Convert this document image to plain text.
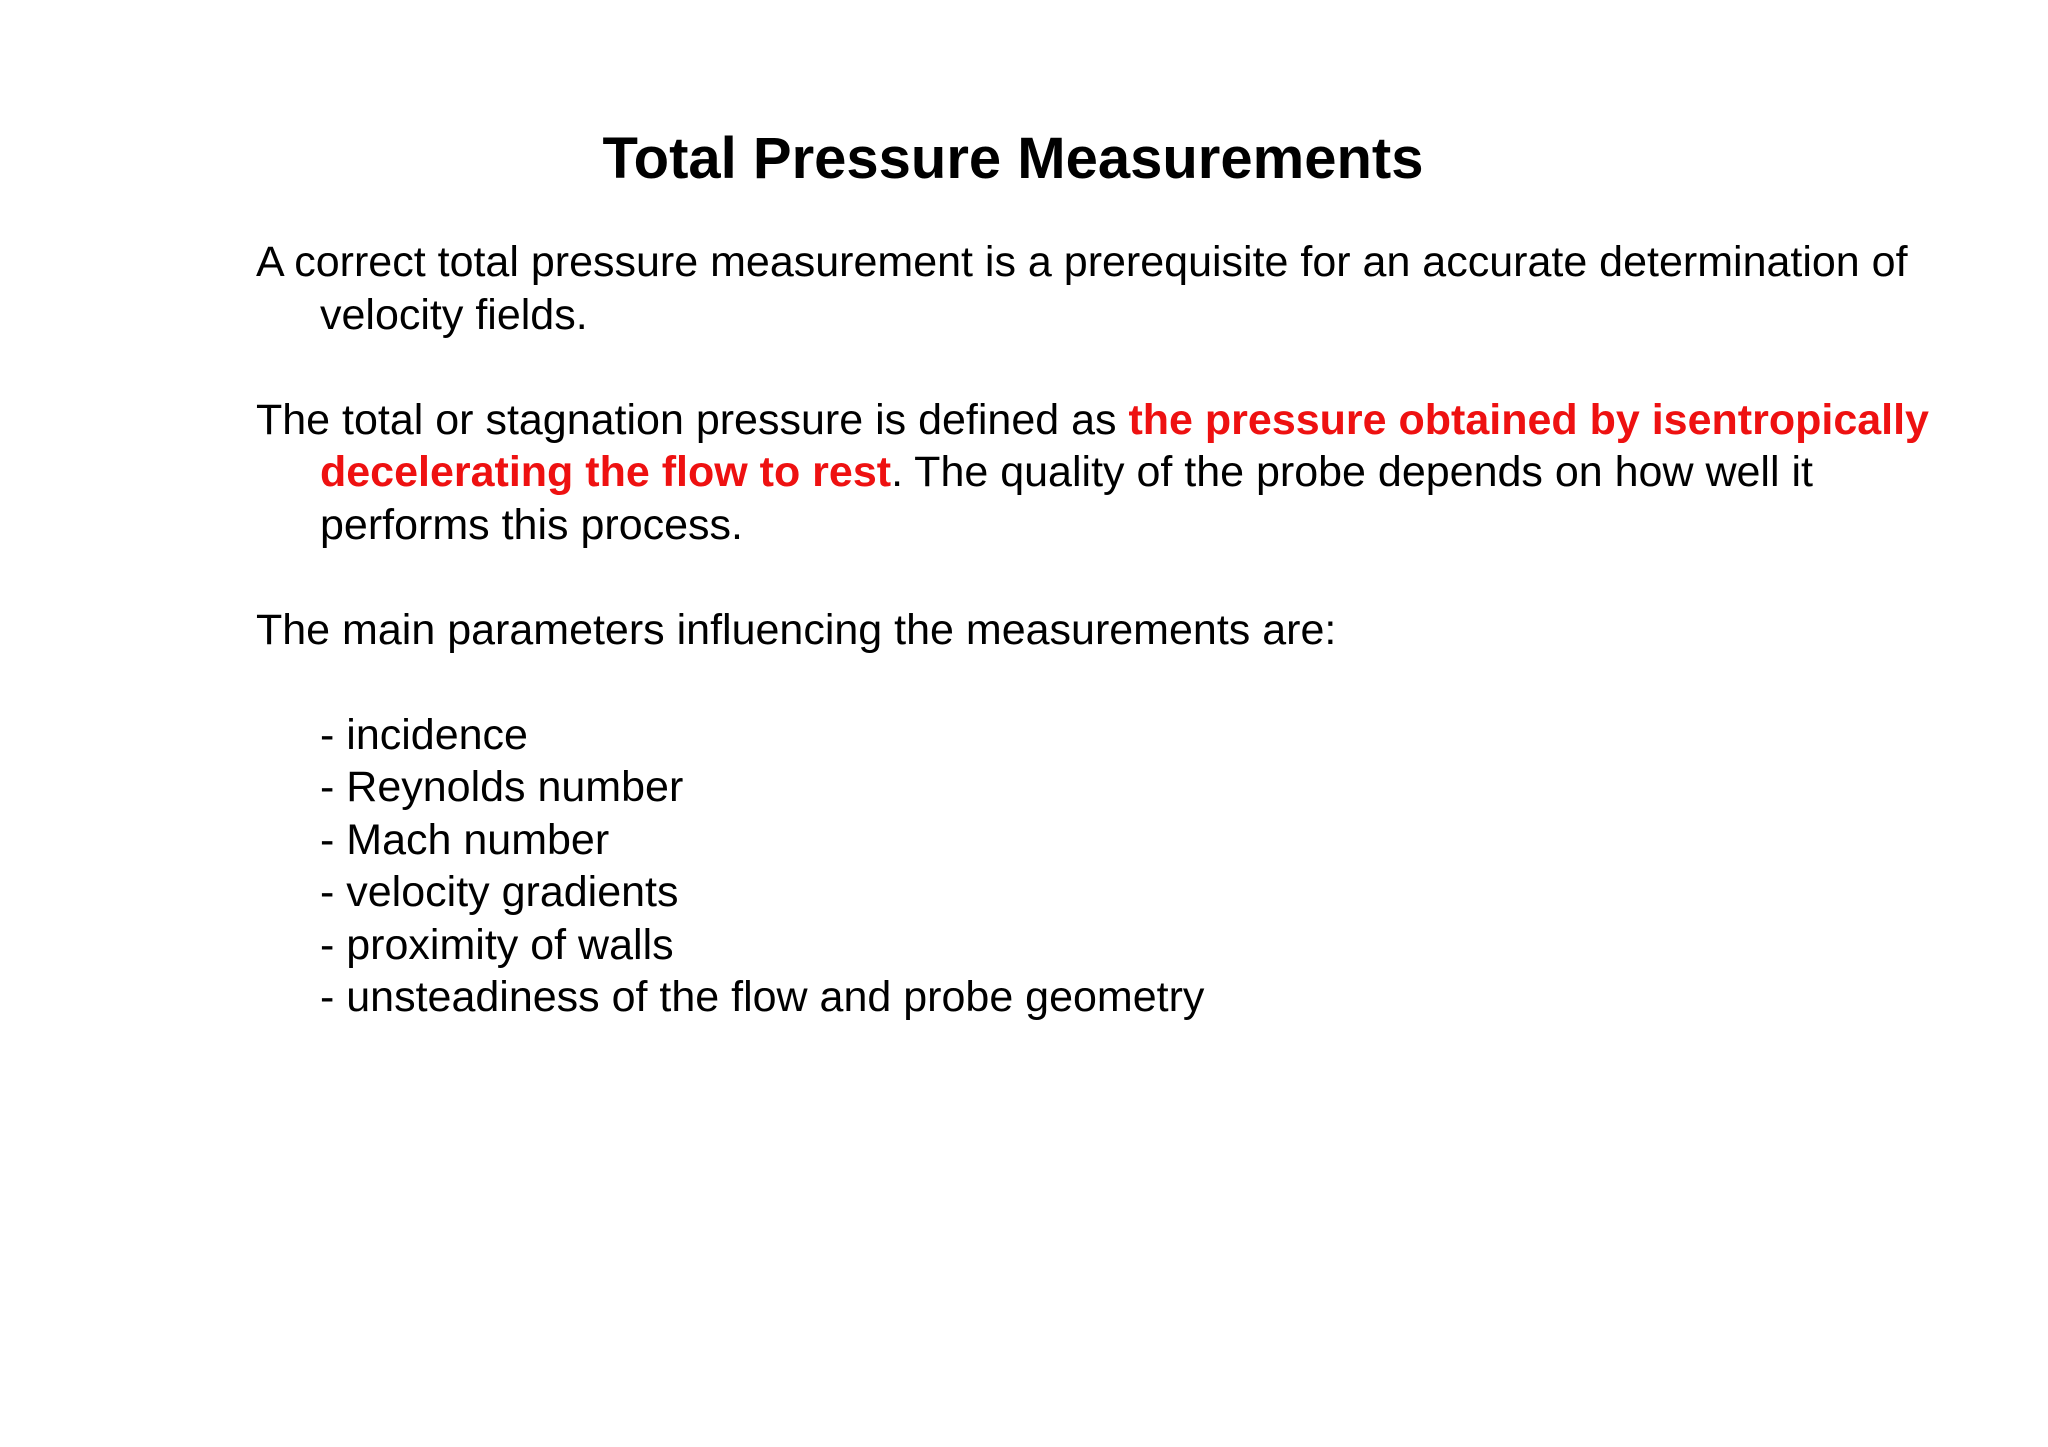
Total Pressure Measurements

A correct total pressure measurement is a prerequisite for an accurate determination of velocity fields.

The total or stagnation pressure is defined as the pressure obtained by isentropically decelerating the flow to rest. The quality of the probe depends on how well it performs this process.

The main parameters influencing the measurements are:

- incidence
- Reynolds number
- Mach number
- velocity gradients
- proximity of walls
- unsteadiness of the flow and probe geometry
